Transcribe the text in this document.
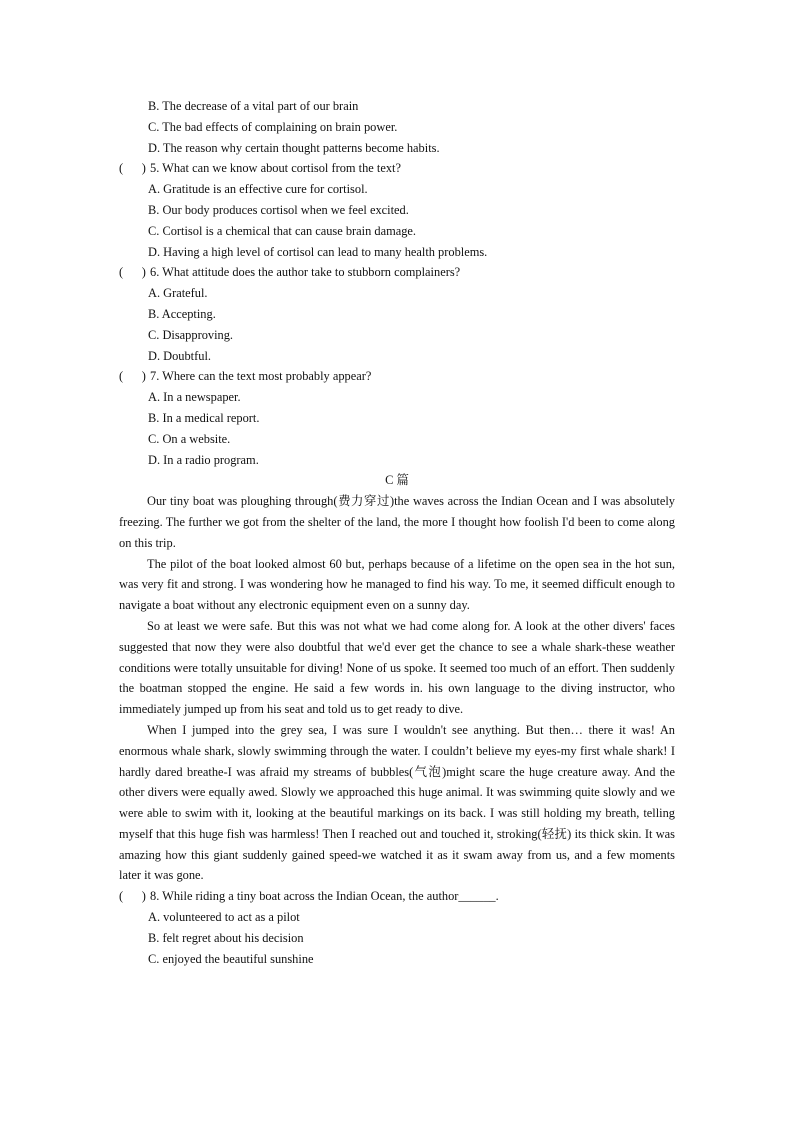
B. The decrease of a vital part of our brain
C. The bad effects of complaining on brain power.
D. The reason why certain thought patterns become habits.
( ) 5. What can we know about cortisol from the text?
A. Gratitude is an effective cure for cortisol.
B. Our body produces cortisol when we feel excited.
C. Cortisol is a chemical that can cause brain damage.
D. Having a high level of cortisol can lead to many health problems.
( ) 6. What attitude does the author take to stubborn complainers?
A. Grateful.
B. Accepting.
C. Disapproving.
D. Doubtful.
( ) 7. Where can the text most probably appear?
A. In a newspaper.
B. In a medical report.
C. On a website.
D. In a radio program.
C 篇

Our tiny boat was ploughing through(费力穿过)the waves across the Indian Ocean and I was absolutely freezing. The further we got from the shelter of the land, the more I thought how foolish I'd been to come along on this trip.

The pilot of the boat looked almost 60 but, perhaps because of a lifetime on the open sea in the hot sun, was very fit and strong. I was wondering how he managed to find his way. To me, it seemed difficult enough to navigate a boat without any electronic equipment even on a sunny day.

So at least we were safe. But this was not what we had come along for. A look at the other divers' faces suggested that now they were also doubtful that we'd ever get the chance to see a whale shark-these weather conditions were totally unsuitable for diving! None of us spoke. It seemed too much of an effort. Then suddenly the boatman stopped the engine. He said a few words in. his own language to the diving instructor, who immediately jumped up from his seat and told us to get ready to dive.

When I jumped into the grey sea, I was sure I wouldn't see anything. But then… there it was! An enormous whale shark, slowly swimming through the water. I couldn’t believe my eyes-my first whale shark! I hardly dared breathe-I was afraid my streams of bubbles(气泡)might scare the huge creature away. And the other divers were equally awed. Slowly we approached this huge animal. It was swimming quite slowly and we were able to swim with it, looking at the beautiful markings on its back. I was still holding my breath, telling myself that this huge fish was harmless! Then I reached out and touched it, stroking(轻抚) its thick skin. It was amazing how this giant suddenly gained speed-we watched it as it swam away from us, and a few moments later it was gone.

( ) 8. While riding a tiny boat across the Indian Ocean, the author______.
A. volunteered to act as a pilot
B. felt regret about his decision
C. enjoyed the beautiful sunshine
